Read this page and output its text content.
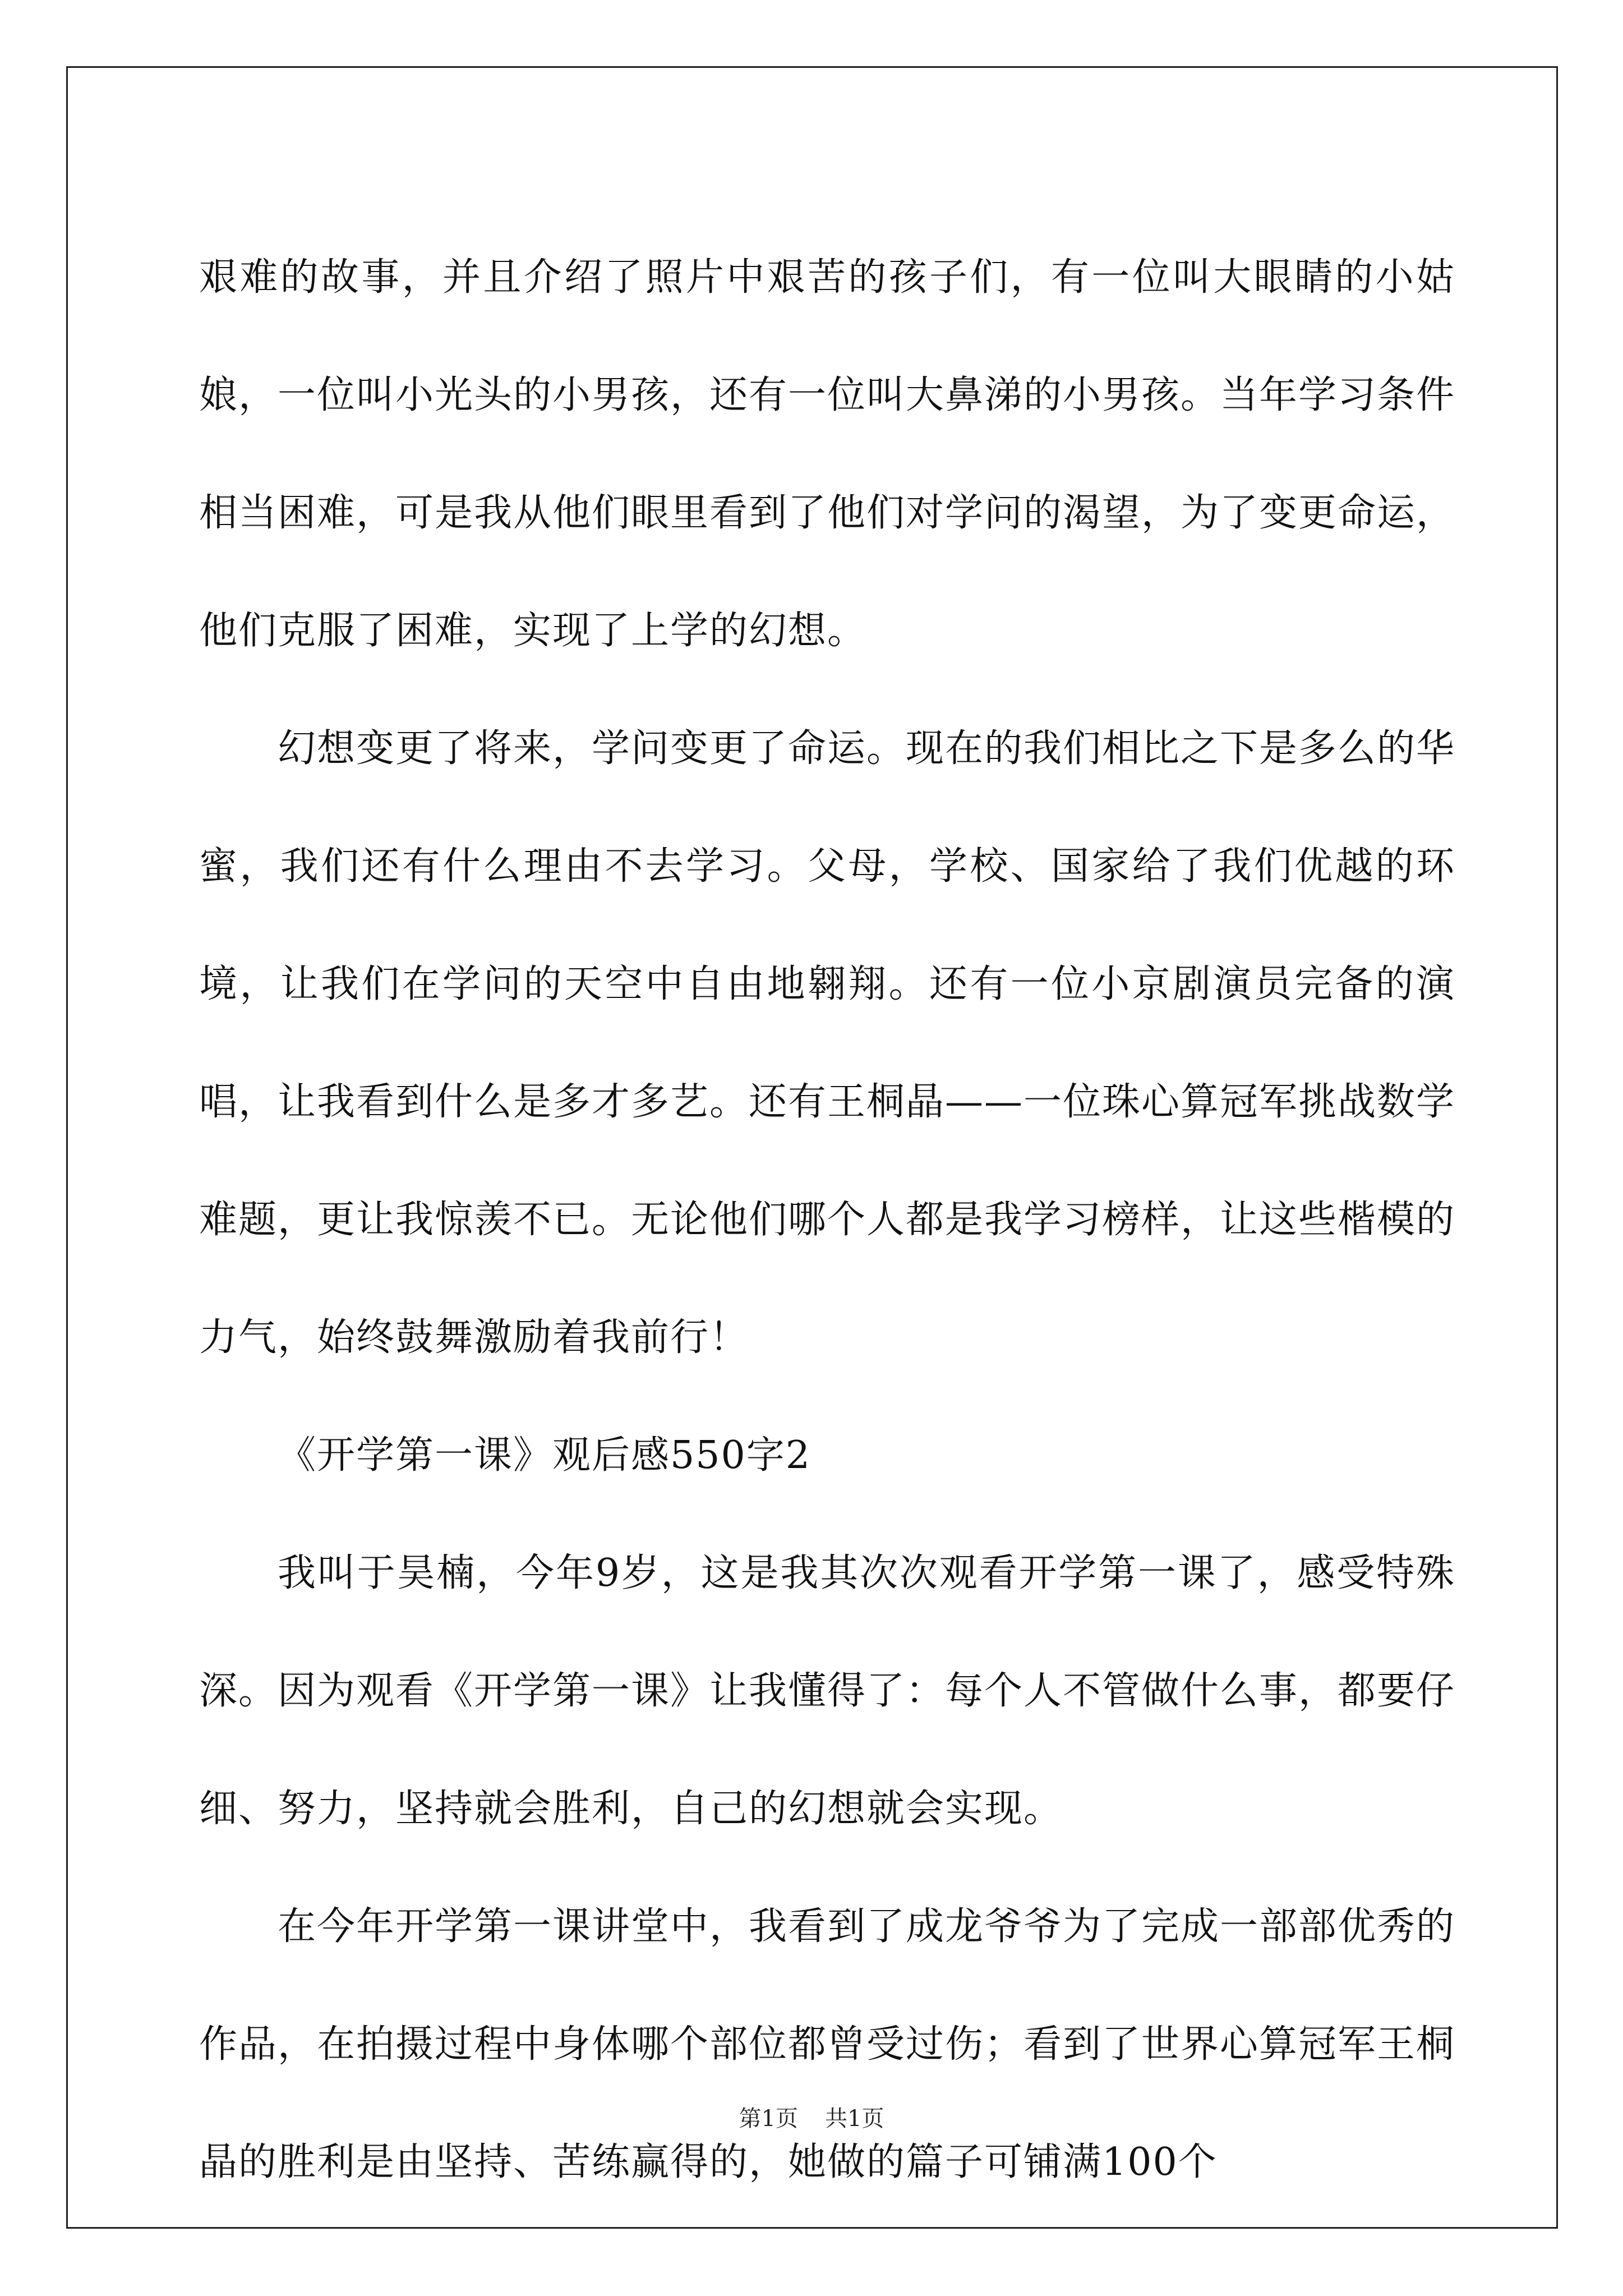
艰难的故事，并且介绍了照片中艰苦的孩子们，有一位叫大眼睛的小姑娘，一位叫小光头的小男孩，还有一位叫大鼻涕的小男孩。当年学习条件相当困难，可是我从他们眼里看到了他们对学问的渴望，为了变更命运，他们克服了困难，实现了上学的幻想。

幻想变更了将来，学问变更了命运。现在的我们相比之下是多么的华蜜，我们还有什么理由不去学习。父母，学校、国家给了我们优越的环境，让我们在学问的天空中自由地翱翔。还有一位小京剧演员完备的演唱，让我看到什么是多才多艺。还有王桐晶——一位珠心算冠军挑战数学难题，更让我惊羡不已。无论他们哪个人都是我学习榜样，让这些楷模的力气，始终鼓舞激励着我前行！

《开学第一课》观后感550字2

我叫于昊楠，今年9岁，这是我其次次观看开学第一课了，感受特殊深。因为观看《开学第一课》让我懂得了：每个人不管做什么事，都要仔细、努力，坚持就会胜利，自己的幻想就会实现。

在今年开学第一课讲堂中，我看到了成龙爷爷为了完成一部部优秀的作品，在拍摄过程中身体哪个部位都曾受过伤；看到了世界心算冠军王桐晶的胜利是由坚持、苦练赢得的，她做的篇子可铺满100个

第1页 共1页
